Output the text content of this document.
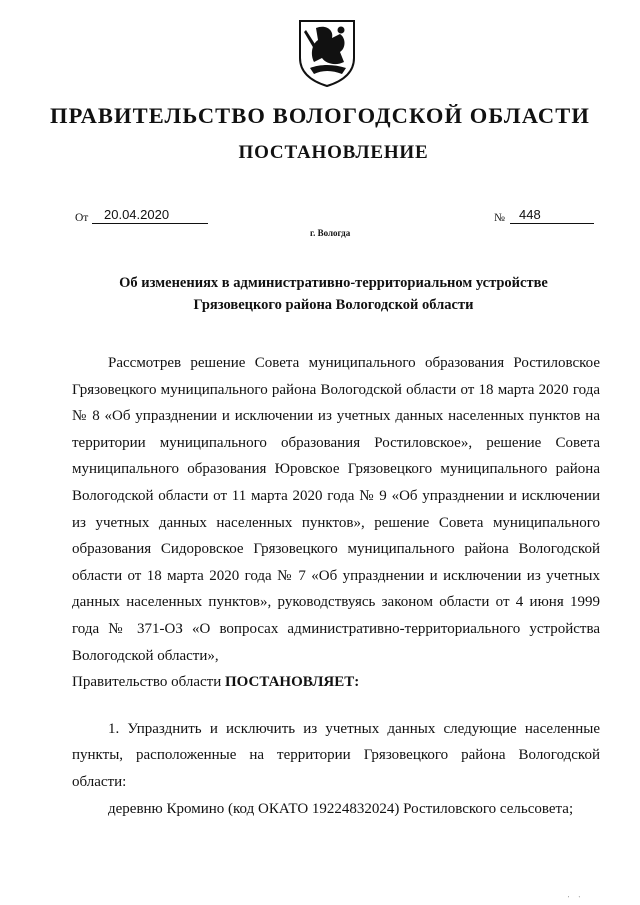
ПРАВИТЕЛЬСТВО ВОЛОГОДСКОЙ ОБЛАСТИ
ПОСТАНОВЛЕНИЕ
От	20.04.2020	№	448
г. Вологда
Об изменениях в административно-территориальном устройстве
Грязовецкого района Вологодской области

Рассмотрев решение Совета муниципального образования Ростиловское Грязовецкого муниципального района Вологодской области от 18 марта 2020 года № 8 «Об упразднении и исключении из учетных данных населенных пунктов на территории муниципального образования Ростиловское», решение Совета муниципального образования Юровское Грязовецкого муниципального района Вологодской области от 11 марта 2020 года № 9 «Об упразднении и исключении из учетных данных населенных пунктов», решение Совета муниципального образования Сидоровское Грязовецкого муниципального района Вологодской области от 18 марта 2020 года № 7 «Об упразднении и исключении из учетных данных населенных пунктов», руководствуясь законом области от 4 июня 1999 года № 371-ОЗ «О вопросах административно-территориального устройства Вологодской области»,

Правительство области ПОСТАНОВЛЯЕТ:

1. Упразднить и исключить из учетных данных следующие населенные пункты, расположенные на территории Грязовецкого района Вологодской области:

деревню Кромино (код ОКАТО 19224832024) Ростиловского сельсовета;

' '
